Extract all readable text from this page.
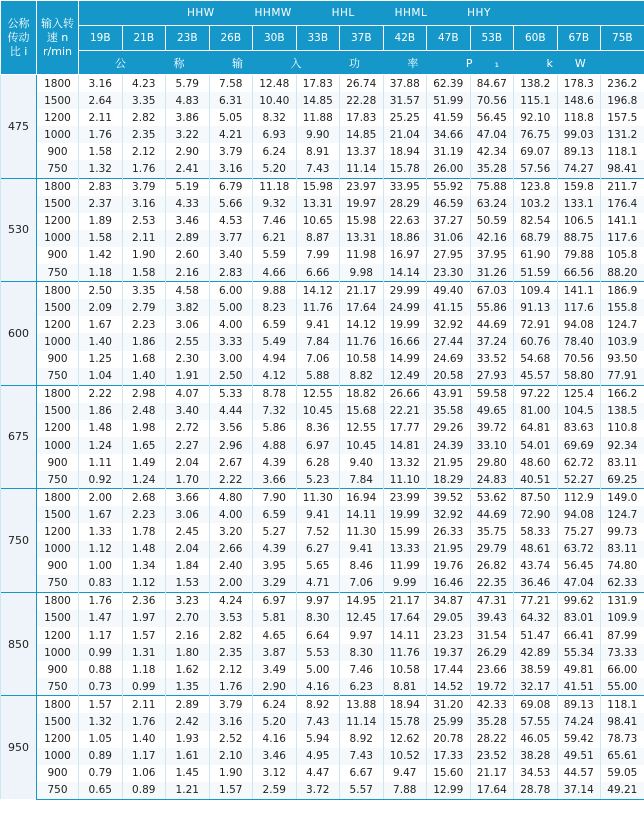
公称
传动
比 i	输入转
速 n
r/min	HHW HHMW HHL HHML HHY												
		19B	21B	23B	26B	30B	33B	37B	42B	47B	53B	60B	67B	75B
		公 称 输 入 功 率 P₁ kW												
475	1800	3.16	4.23	5.79	7.58	12.48	17.83	26.74	37.88	62.39	84.67	138.2	178.3	236.2
	1500	2.64	3.35	4.83	6.31	10.40	14.85	22.28	31.57	51.99	70.56	115.1	148.6	196.8
	1200	2.11	2.82	3.86	5.05	8.32	11.88	17.83	25.25	41.59	56.45	92.10	118.8	157.5
	1000	1.76	2.35	3.22	4.21	6.93	9.90	14.85	21.04	34.66	47.04	76.75	99.03	131.2
	900	1.58	2.12	2.90	3.79	6.24	8.91	13.37	18.94	31.19	42.34	69.07	89.13	118.1
	750	1.32	1.76	2.41	3.16	5.20	7.43	11.14	15.78	26.00	35.28	57.56	74.27	98.41
530	1800	2.83	3.79	5.19	6.79	11.18	15.98	23.97	33.95	55.92	75.88	123.8	159.8	211.7
	1500	2.37	3.16	4.33	5.66	9.32	13.31	19.97	28.29	46.59	63.24	103.2	133.1	176.4
	1200	1.89	2.53	3.46	4.53	7.46	10.65	15.98	22.63	37.27	50.59	82.54	106.5	141.1
	1000	1.58	2.11	2.89	3.77	6.21	8.87	13.31	18.86	31.06	42.16	68.79	88.75	117.6
	900	1.42	1.90	2.60	3.40	5.59	7.99	11.98	16.97	27.95	37.95	61.90	79.88	105.8
	750	1.18	1.58	2.16	2.83	4.66	6.66	9.98	14.14	23.30	31.26	51.59	66.56	88.20
600	1800	2.50	3.35	4.58	6.00	9.88	14.12	21.17	29.99	49.40	67.03	109.4	141.1	186.9
	1500	2.09	2.79	3.82	5.00	8.23	11.76	17.64	24.99	41.15	55.86	91.13	117.6	155.8
	1200	1.67	2.23	3.06	4.00	6.59	9.41	14.12	19.99	32.92	44.69	72.91	94.08	124.7
	1000	1.40	1.86	2.55	3.33	5.49	7.84	11.76	16.66	27.44	37.24	60.76	78.40	103.9
	900	1.25	1.68	2.30	3.00	4.94	7.06	10.58	14.99	24.69	33.52	54.68	70.56	93.50
	750	1.04	1.40	1.91	2.50	4.12	5.88	8.82	12.49	20.58	27.93	45.57	58.80	77.91
675	1800	2.22	2.98	4.07	5.33	8.78	12.55	18.82	26.66	43.91	59.58	97.22	125.4	166.2
	1500	1.86	2.48	3.40	4.44	7.32	10.45	15.68	22.21	35.58	49.65	81.00	104.5	138.5
	1200	1.48	1.98	2.72	3.56	5.86	8.36	12.55	17.77	29.26	39.72	64.81	83.63	110.8
	1000	1.24	1.65	2.27	2.96	4.88	6.97	10.45	14.81	24.39	33.10	54.01	69.69	92.34
	900	1.11	1.49	2.04	2.67	4.39	6.28	9.40	13.32	21.95	29.80	48.60	62.72	83.11
	750	0.92	1.24	1.70	2.22	3.66	5.23	7.84	11.10	18.29	24.83	40.51	52.27	69.25
750	1800	2.00	2.68	3.66	4.80	7.90	11.30	16.94	23.99	39.52	53.62	87.50	112.9	149.0
	1500	1.67	2.23	3.06	4.00	6.59	9.41	14.11	19.99	32.92	44.69	72.90	94.08	124.7
	1200	1.33	1.78	2.45	3.20	5.27	7.52	11.30	15.99	26.33	35.75	58.33	75.27	99.73
	1000	1.12	1.48	2.04	2.66	4.39	6.27	9.41	13.33	21.95	29.79	48.61	63.72	83.11
	900	1.00	1.34	1.84	2.40	3.95	5.65	8.46	11.99	19.76	26.82	43.74	56.45	74.80
	750	0.83	1.12	1.53	2.00	3.29	4.71	7.06	9.99	16.46	22.35	36.46	47.04	62.33
850	1800	1.76	2.36	3.23	4.24	6.97	9.97	14.95	21.17	34.87	47.31	77.21	99.62	131.9
	1500	1.47	1.97	2.70	3.53	5.81	8.30	12.45	17.64	29.05	39.43	64.32	83.01	109.9
	1200	1.17	1.57	2.16	2.82	4.65	6.64	9.97	14.11	23.23	31.54	51.47	66.41	87.99
	1000	0.99	1.31	1.80	2.35	3.87	5.53	8.30	11.76	19.37	26.29	42.89	55.34	73.33
	900	0.88	1.18	1.62	2.12	3.49	5.00	7.46	10.58	17.44	23.66	38.59	49.81	66.00
	750	0.73	0.99	1.35	1.76	2.90	4.16	6.23	8.81	14.52	19.72	32.17	41.51	55.00
950	1800	1.57	2.11	2.89	3.79	6.24	8.92	13.88	18.94	31.20	42.33	69.08	89.13	118.1
	1500	1.32	1.76	2.42	3.16	5.20	7.43	11.14	15.78	25.99	35.28	57.55	74.24	98.41
	1200	1.05	1.40	1.93	2.52	4.16	5.94	8.92	12.62	20.78	28.22	46.05	59.42	78.73
	1000	0.89	1.17	1.61	2.10	3.46	4.95	7.43	10.52	17.33	23.52	38.28	49.51	65.61
	900	0.79	1.06	1.45	1.90	3.12	4.47	6.67	9.47	15.60	21.17	34.53	44.57	59.05
	750	0.65	0.89	1.21	1.57	2.59	3.72	5.57	7.88	12.99	17.64	28.78	37.14	49.21
